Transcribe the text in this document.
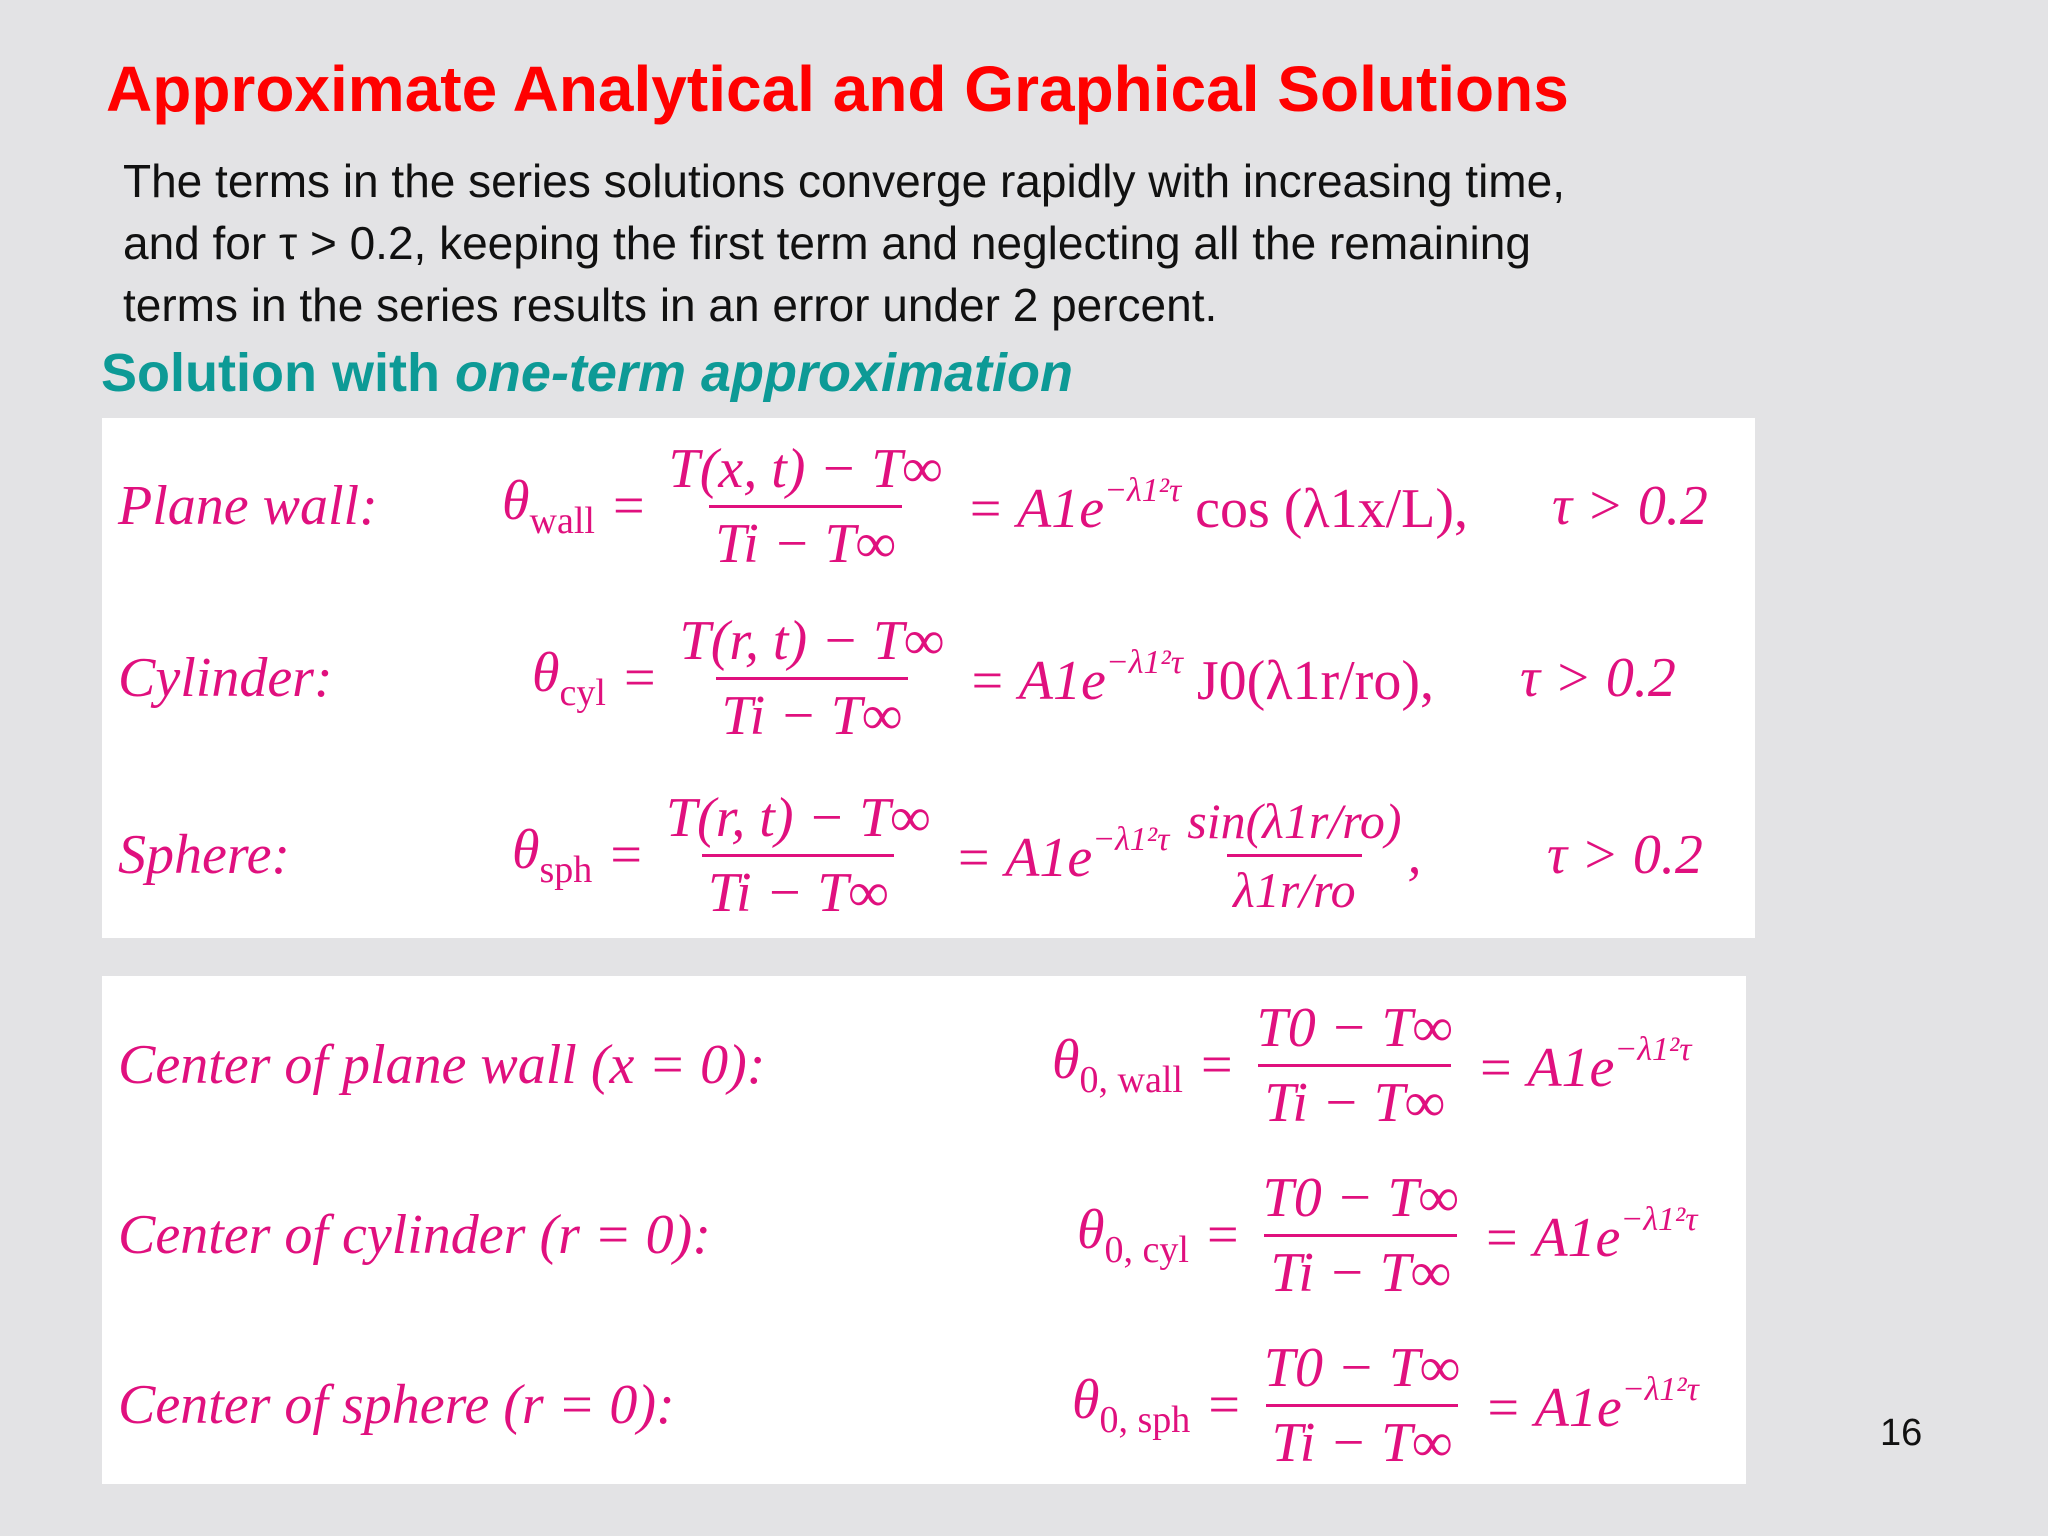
Approximate Analytical and Graphical Solutions
The terms in the series solutions converge rapidly with increasing time,
and for τ > 0.2, keeping the first term and neglecting all the remaining
terms in the series results in an error under 2 percent.
Solution with one-term approximation
Plane wall: $\theta_{wall} = \frac{T(x, t) - T\infty}{Ti - T\infty} = A1e^{-\lambda 1^2\tau}$ cos (λ1x/L), τ > 0.2
Cylinder:	$\theta_{cyl} = \frac{T(r, t) - T\infty}{Ti - T\infty} = A1e^{-\lambda 1^2\tau}$ J0(λ1r/ro), τ > 0.2
Sphere:	$\theta_{sph} = \frac{T(r, t) - T\infty}{Ti - T\infty} = A1e^{-\lambda 1^2\tau} \frac{\sin(\lambda 1r/ro)}{\lambda 1r/ro}$ , τ > 0.2
Center of plane wall (x = 0):	$\theta_{0, wall} = \frac{T0 - T\infty}{Ti - T\infty} = A1e^{-\lambda 1^2\tau}$
Center of cylinder (r = 0):	$\theta_{0, cyl} = \frac{T0 - T\infty}{Ti - T\infty} = A1e^{-\lambda 1^2\tau}$
Center of sphere (r = 0):	$\theta_{0, sph} = \frac{T0 - T\infty}{Ti - T\infty} = A1e^{-\lambda 1^2\tau}$
16
